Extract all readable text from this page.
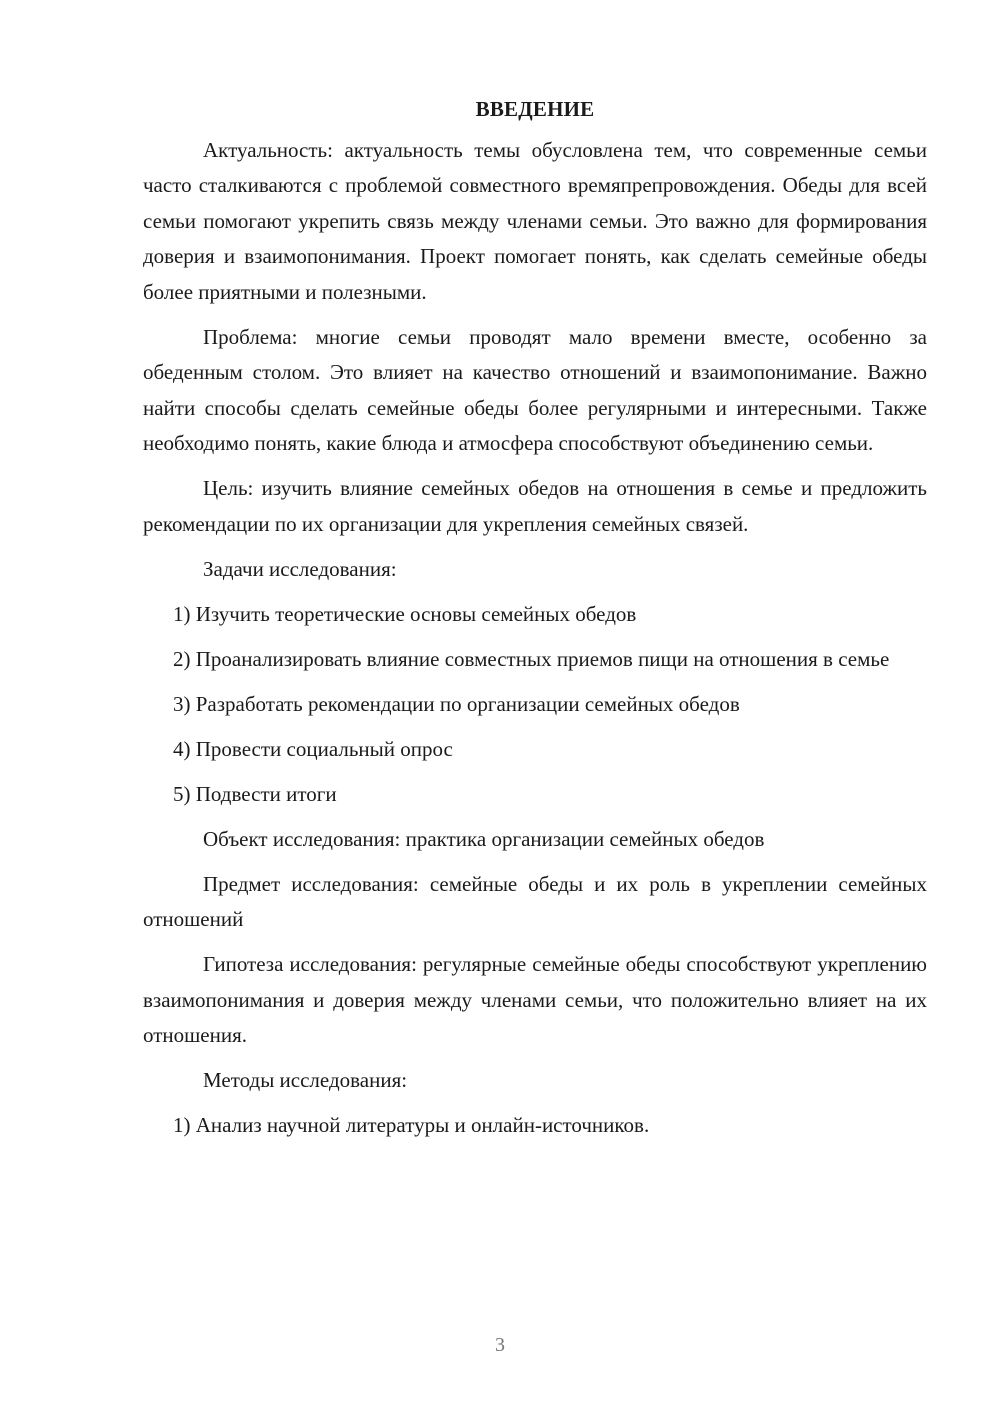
ВВЕДЕНИЕ

Актуальность: актуальность темы обусловлена тем, что современные семьи часто сталкиваются с проблемой совместного времяпрепровождения. Обеды для всей семьи помогают укрепить связь между членами семьи. Это важно для формирования доверия и взаимопонимания. Проект помогает понять, как сделать семейные обеды более приятными и полезными.

Проблема: многие семьи проводят мало времени вместе, особенно за обеденным столом. Это влияет на качество отношений и взаимопонимание. Важно найти способы сделать семейные обеды более регулярными и интересными. Также необходимо понять, какие блюда и атмосфера способствуют объединению семьи.

Цель: изучить влияние семейных обедов на отношения в семье и предложить рекомендации по их организации для укрепления семейных связей.

Задачи исследования:

1) Изучить теоретические основы семейных обедов

2) Проанализировать влияние совместных приемов пищи на отношения в семье

3) Разработать рекомендации по организации семейных обедов

4) Провести социальный опрос

5) Подвести итоги

Объект исследования: практика организации семейных обедов

Предмет исследования: семейные обеды и их роль в укреплении семейных отношений

Гипотеза исследования: регулярные семейные обеды способствуют укреплению взаимопонимания и доверия между членами семьи, что положительно влияет на их отношения.

Методы исследования:

1) Анализ научной литературы и онлайн-источников.

3
